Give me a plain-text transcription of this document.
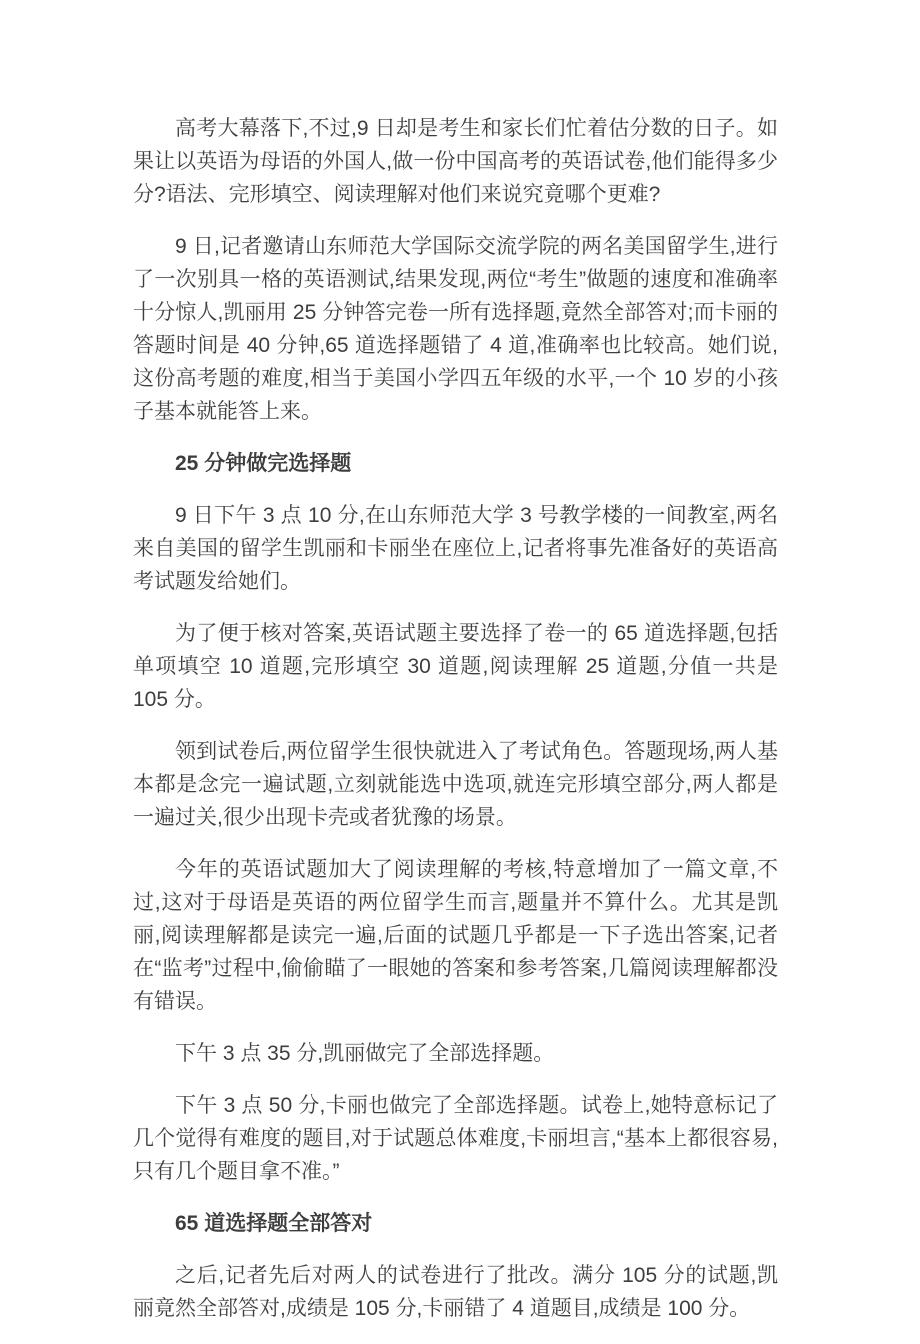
高考大幕落下,不过,9 日却是考生和家长们忙着估分数的日子。如果让以英语为母语的外国人,做一份中国高考的英语试卷,他们能得多少分?语法、完形填空、阅读理解对他们来说究竟哪个更难?

9 日,记者邀请山东师范大学国际交流学院的两名美国留学生,进行了一次别具一格的英语测试,结果发现,两位“考生”做题的速度和准确率十分惊人,凯丽用 25 分钟答完卷一所有选择题,竟然全部答对;而卡丽的答题时间是 40 分钟,65 道选择题错了 4 道,准确率也比较高。她们说,这份高考题的难度,相当于美国小学四五年级的水平,一个 10 岁的小孩子基本就能答上来。

25 分钟做完选择题

9 日下午 3 点 10 分,在山东师范大学 3 号教学楼的一间教室,两名来自美国的留学生凯丽和卡丽坐在座位上,记者将事先准备好的英语高考试题发给她们。

为了便于核对答案,英语试题主要选择了卷一的 65 道选择题,包括单项填空 10 道题,完形填空 30 道题,阅读理解 25 道题,分值一共是 105 分。

领到试卷后,两位留学生很快就进入了考试角色。答题现场,两人基本都是念完一遍试题,立刻就能选中选项,就连完形填空部分,两人都是一遍过关,很少出现卡壳或者犹豫的场景。

今年的英语试题加大了阅读理解的考核,特意增加了一篇文章,不过,这对于母语是英语的两位留学生而言,题量并不算什么。尤其是凯丽,阅读理解都是读完一遍,后面的试题几乎都是一下子选出答案,记者在“监考”过程中,偷偷瞄了一眼她的答案和参考答案,几篇阅读理解都没有错误。

下午 3 点 35 分,凯丽做完了全部选择题。

下午 3 点 50 分,卡丽也做完了全部选择题。试卷上,她特意标记了几个觉得有难度的题目,对于试题总体难度,卡丽坦言,“基本上都很容易,只有几个题目拿不准。”

65 道选择题全部答对

之后,记者先后对两人的试卷进行了批改。满分 105 分的试题,凯丽竟然全部答对,成绩是 105 分,卡丽错了 4 道题目,成绩是 100 分。
